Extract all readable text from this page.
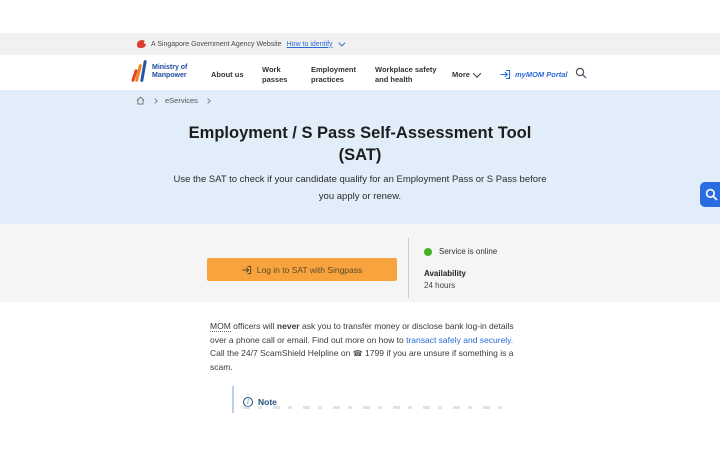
A Singapore Government Agency Website How to identify
Ministry of
Manpower	About us
Work passes
Employment practices
Workplace safety and health	More	myMOM Portal
eServices
Employment / S Pass Self-Assessment Tool
(SAT)
Use the SAT to check if your candidate qualify for an Employment Pass or S Pass before
you apply or renew.
Log in to SAT with Singpass
Service is online
Availability
24 hours

MOM officers will never ask you to transfer money or disclose bank log-in details over a phone call or email. Find out more on how to transact safely and securely. Call the 24/7 ScamShield Helpline on ☎ 1799 if you are unsure if something is a scam.

i	Note
